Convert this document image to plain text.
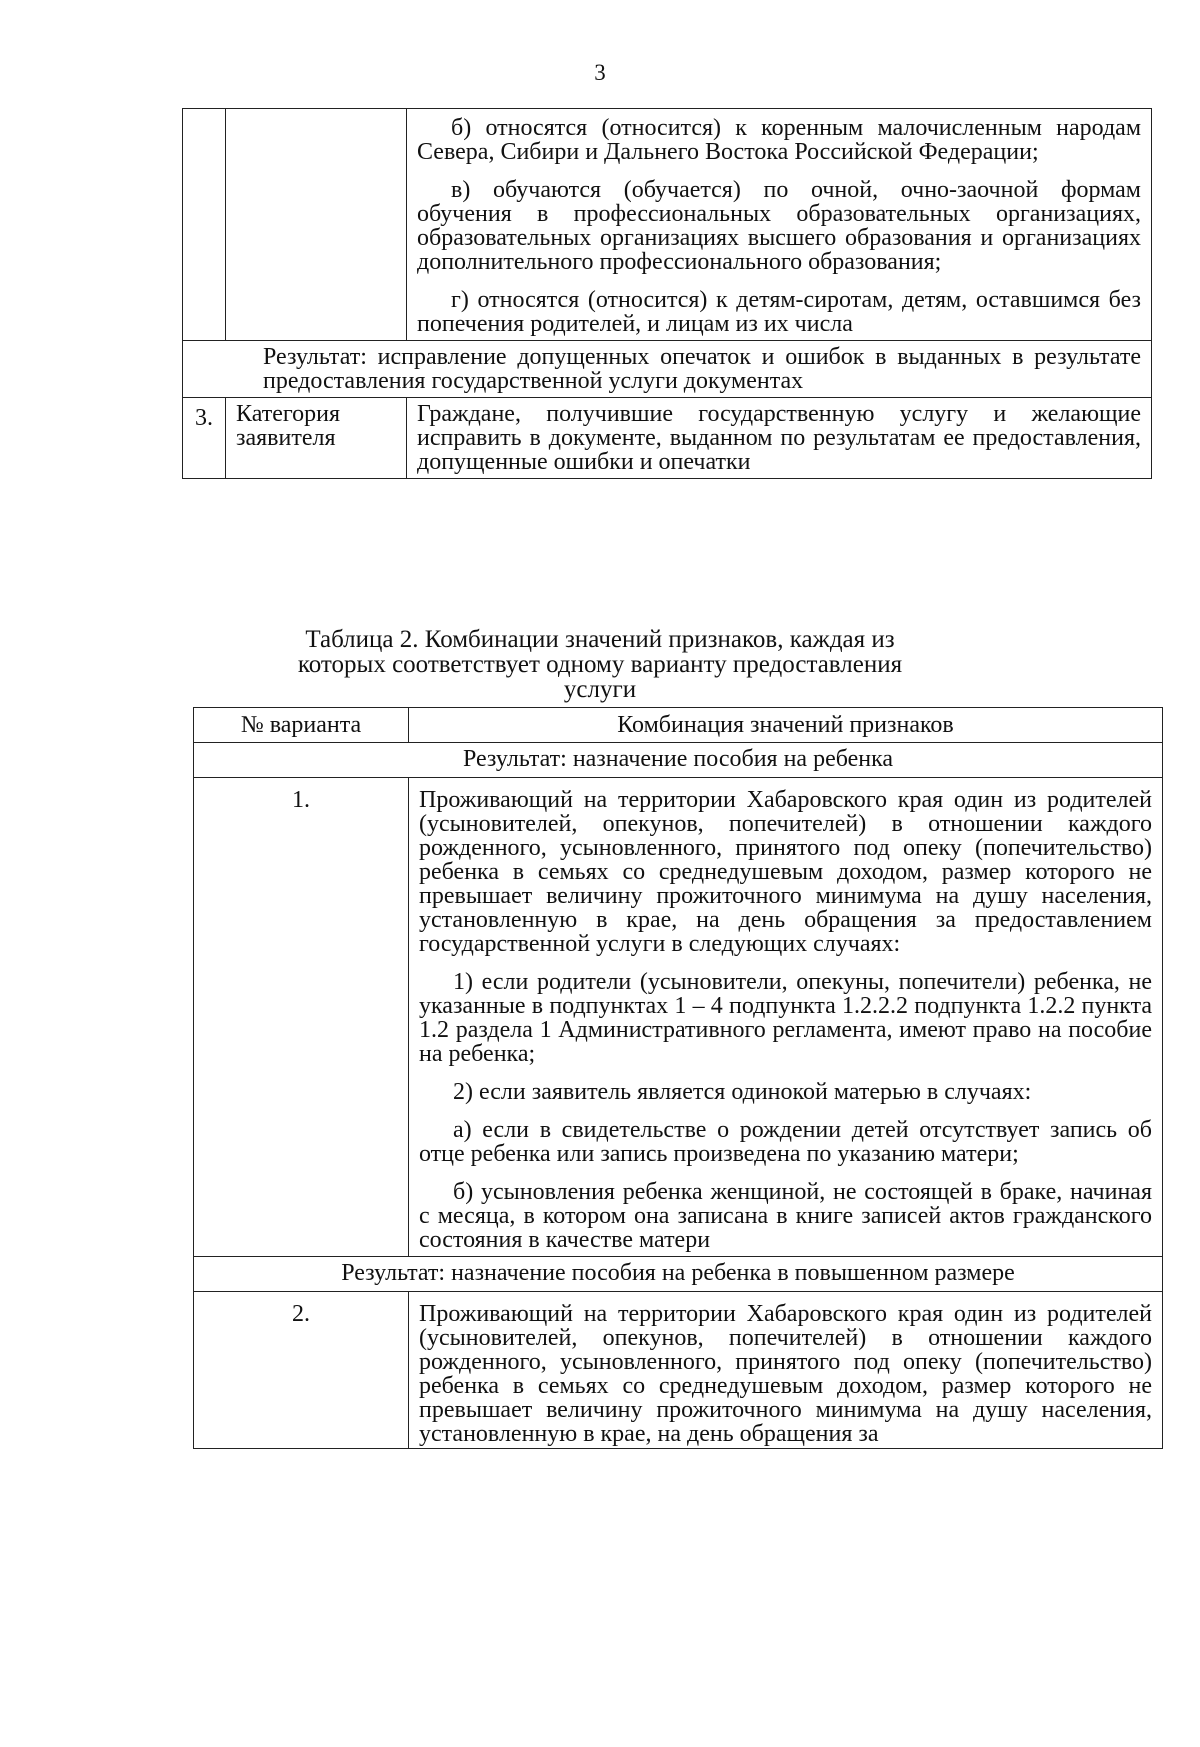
3

		б) относятся (относится) к коренным малочисленным народам Севера, Сибири и Дальнего Востока Российской Федерации;

в) обучаются (обучается) по очной, очно-заочной формам обучения в профессиональных образовательных организациях, образовательных организациях высшего образования и организациях дополнительного профессионального образования;

г) относятся (относится) к детям-сиротам, детям, оставшимся без попечения родителей, и лицам из их числа

Результат: исправление допущенных опечаток и ошибок в выданных в результате предоставления государственной услуги документах		

3.	Категория заявителя	Граждане, получившие государственную услугу и желающие исправить в документе, выданном по результатам ее предоставления, допущенные ошибки и опечатки

Таблица 2. Комбинации значений признаков, каждая из которых соответствует одному варианту предоставления услуги
№ варианта	Комбинация значений признаков
Результат: назначение пособия на ребенка	
1.	Проживающий на территории Хабаровского края один из родителей (усыновителей, опекунов, попечителей) в отношении каждого рожденного, усыновленного, принятого под опеку (попечительство) ребенка в семьях со среднедушевым доходом, размер которого не превышает величину прожиточного минимума на душу населения, установленную в крае, на день обращения за предоставлением государственной услуги в следующих случаях:

1) если родители (усыновители, опекуны, попечители) ребенка, не указанные в подпунктах 1 – 4 подпункта 1.2.2.2 подпункта 1.2.2 пункта 1.2 раздела 1 Административного регламента, имеют право на пособие на ребенка;

2) если заявитель является одинокой матерью в случаях:

а) если в свидетельстве о рождении детей отсутствует запись об отце ребенка или запись произведена по указанию матери;

б) усыновления ребенка женщиной, не состоящей в браке, начиная с месяца, в котором она записана в книге записей актов гражданского состояния в качестве матери

Результат: назначение пособия на ребенка в повышенном размере	
2.	Проживающий на территории Хабаровского края один из родителей (усыновителей, опекунов, попечителей) в отношении каждого рожденного, усыновленного, принятого под опеку (попечительство) ребенка в семьях со среднедушевым доходом, размер которого не превышает величину прожиточного минимума на душу населения, установленную в крае, на день обращения за
